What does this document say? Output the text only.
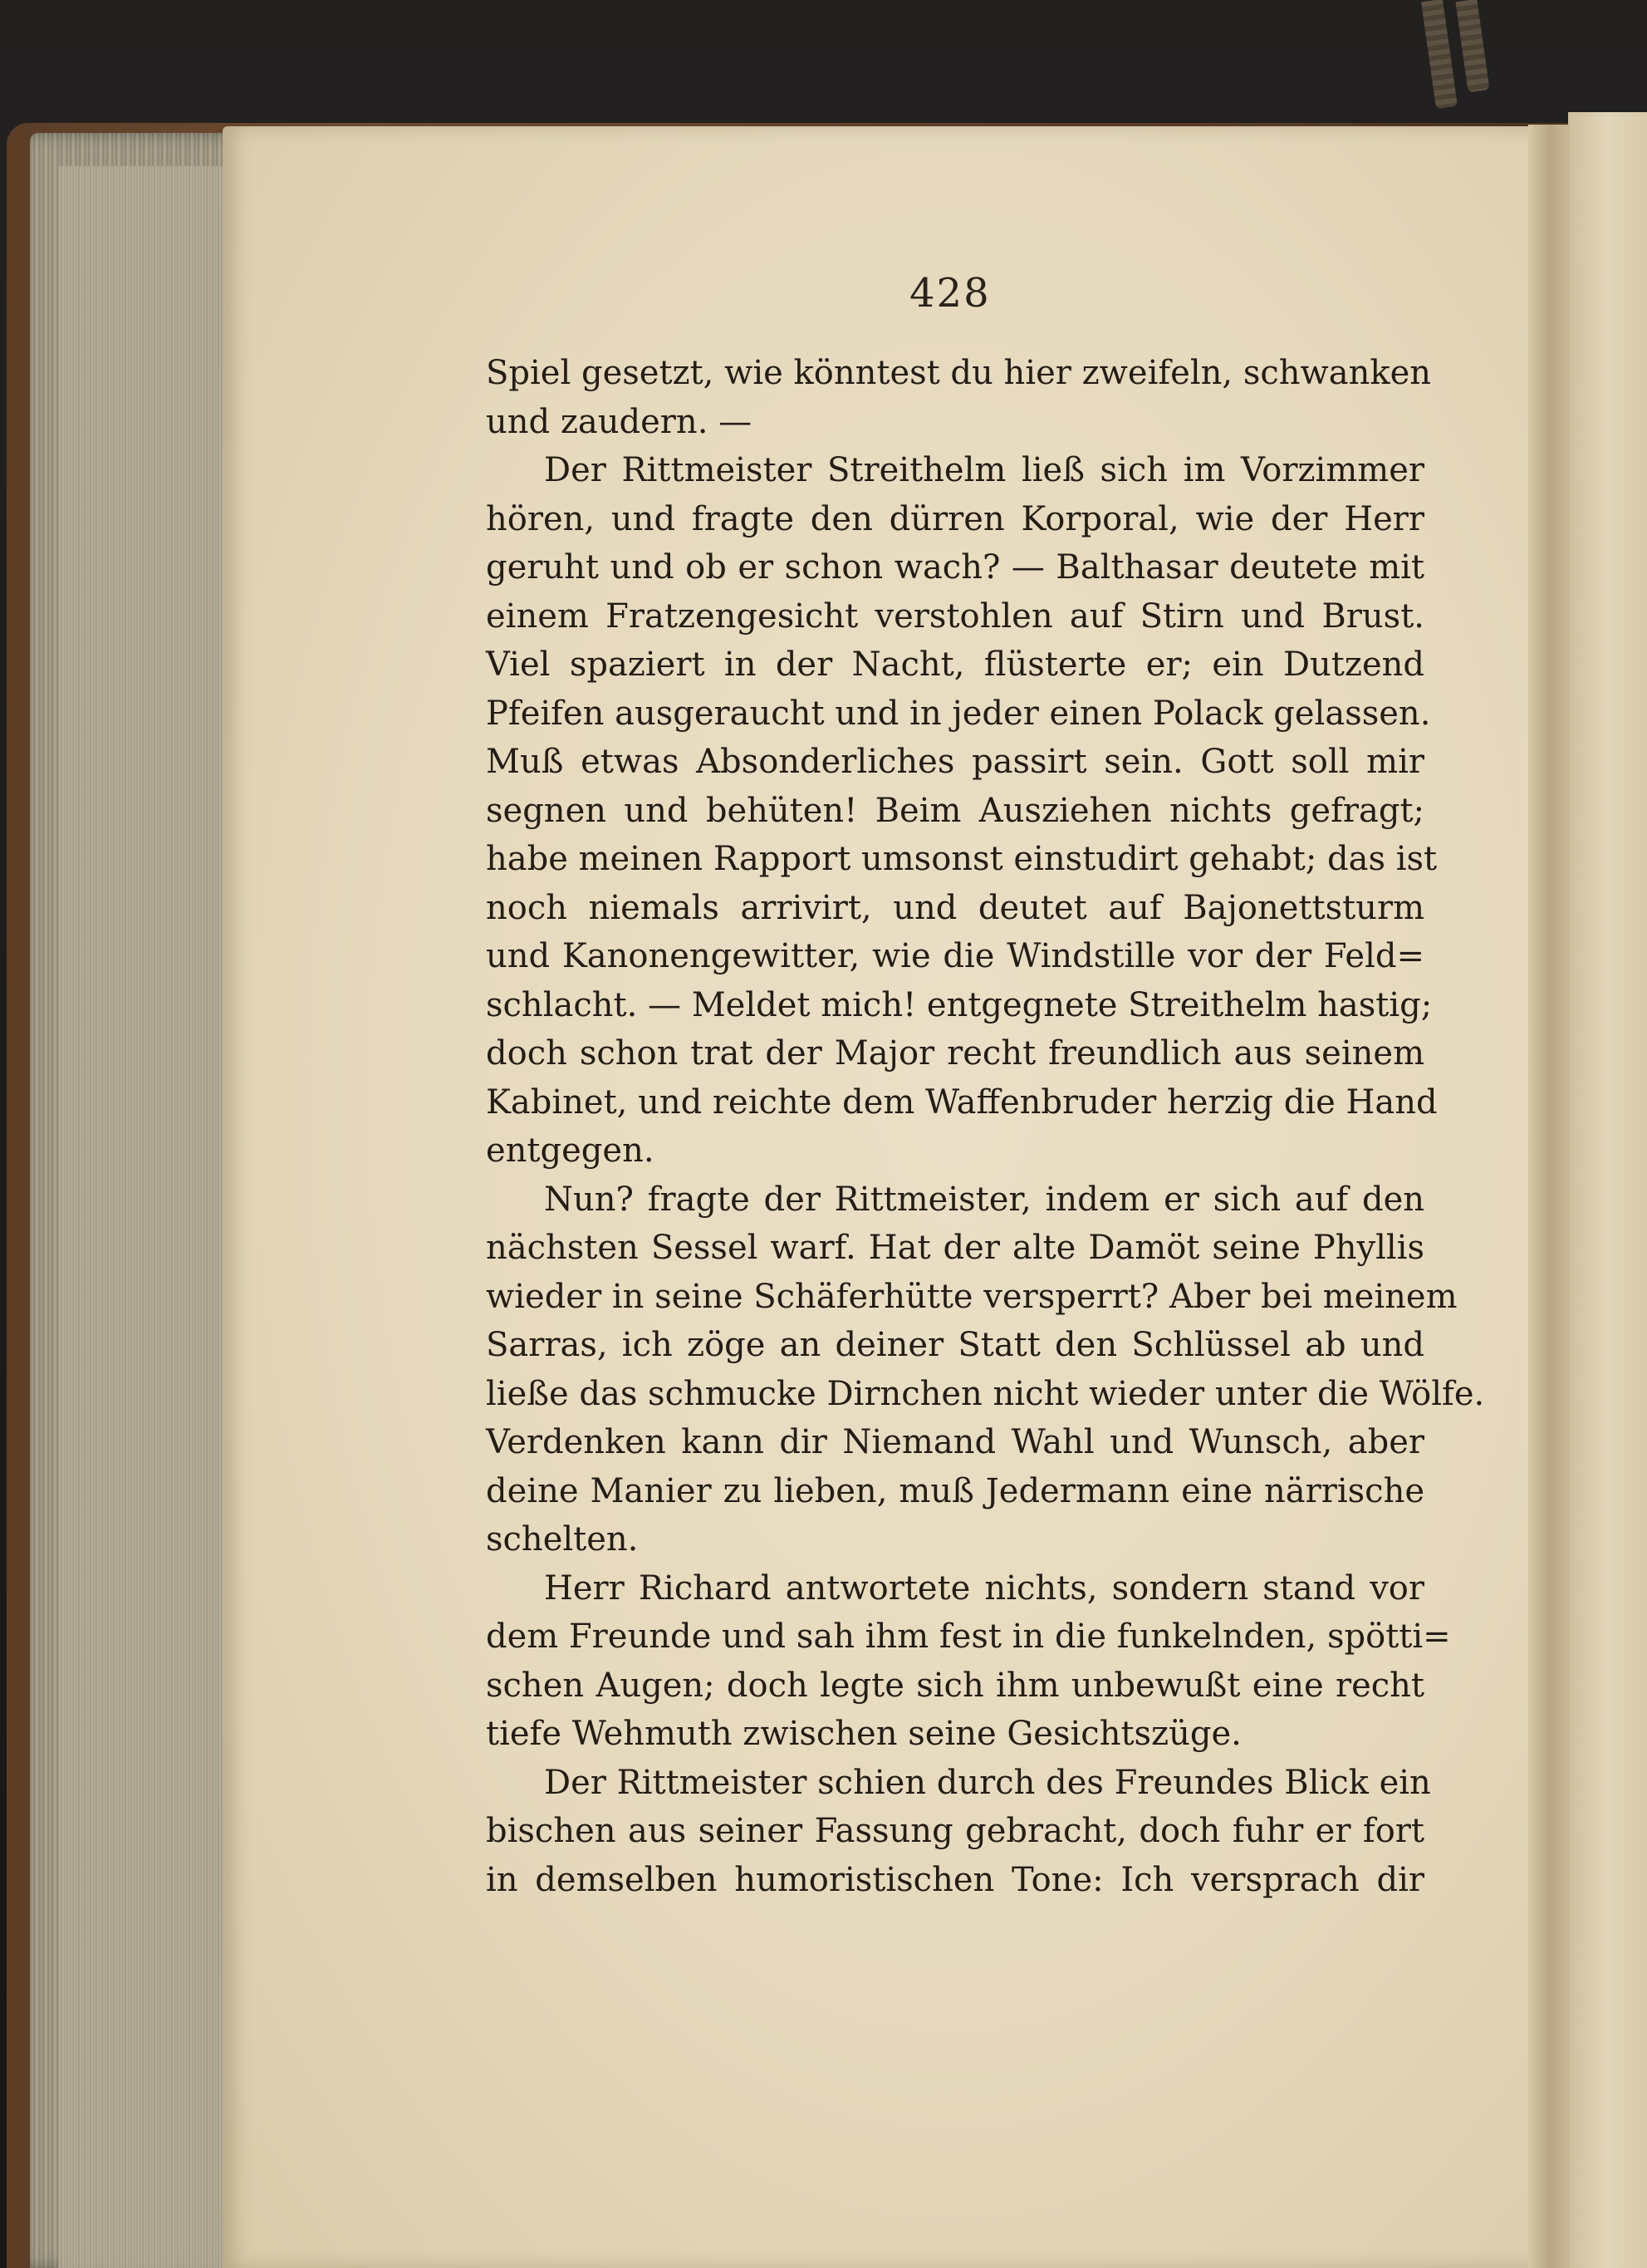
428
Spiel gesetzt, wie könntest du hier zweifeln, schwanken
und zaudern. —
Der Rittmeister Streithelm ließ sich im Vorzimmer
hören, und fragte den dürren Korporal, wie der Herr
geruht und ob er schon wach? — Balthasar deutete mit
einem Fratzengesicht verstohlen auf Stirn und Brust.
Viel spaziert in der Nacht, flüsterte er; ein Dutzend
Pfeifen ausgeraucht und in jeder einen Polack gelassen.
Muß etwas Absonderliches passirt sein. Gott soll mir
segnen und behüten! Beim Ausziehen nichts gefragt;
habe meinen Rapport umsonst einstudirt gehabt; das ist
noch niemals arrivirt, und deutet auf Bajonettsturm
und Kanonengewitter, wie die Windstille vor der Feld=
schlacht. — Meldet mich! entgegnete Streithelm hastig;
doch schon trat der Major recht freundlich aus seinem
Kabinet, und reichte dem Waffenbruder herzig die Hand
entgegen.
Nun? fragte der Rittmeister, indem er sich auf den
nächsten Sessel warf. Hat der alte Damöt seine Phyllis
wieder in seine Schäferhütte versperrt? Aber bei meinem
Sarras, ich zöge an deiner Statt den Schlüssel ab und
ließe das schmucke Dirnchen nicht wieder unter die Wölfe.
Verdenken kann dir Niemand Wahl und Wunsch, aber
deine Manier zu lieben, muß Jedermann eine närrische
schelten.
Herr Richard antwortete nichts, sondern stand vor
dem Freunde und sah ihm fest in die funkelnden, spötti=
schen Augen; doch legte sich ihm unbewußt eine recht
tiefe Wehmuth zwischen seine Gesichtszüge.
Der Rittmeister schien durch des Freundes Blick ein
bischen aus seiner Fassung gebracht, doch fuhr er fort
in demselben humoristischen Tone: Ich versprach dir
